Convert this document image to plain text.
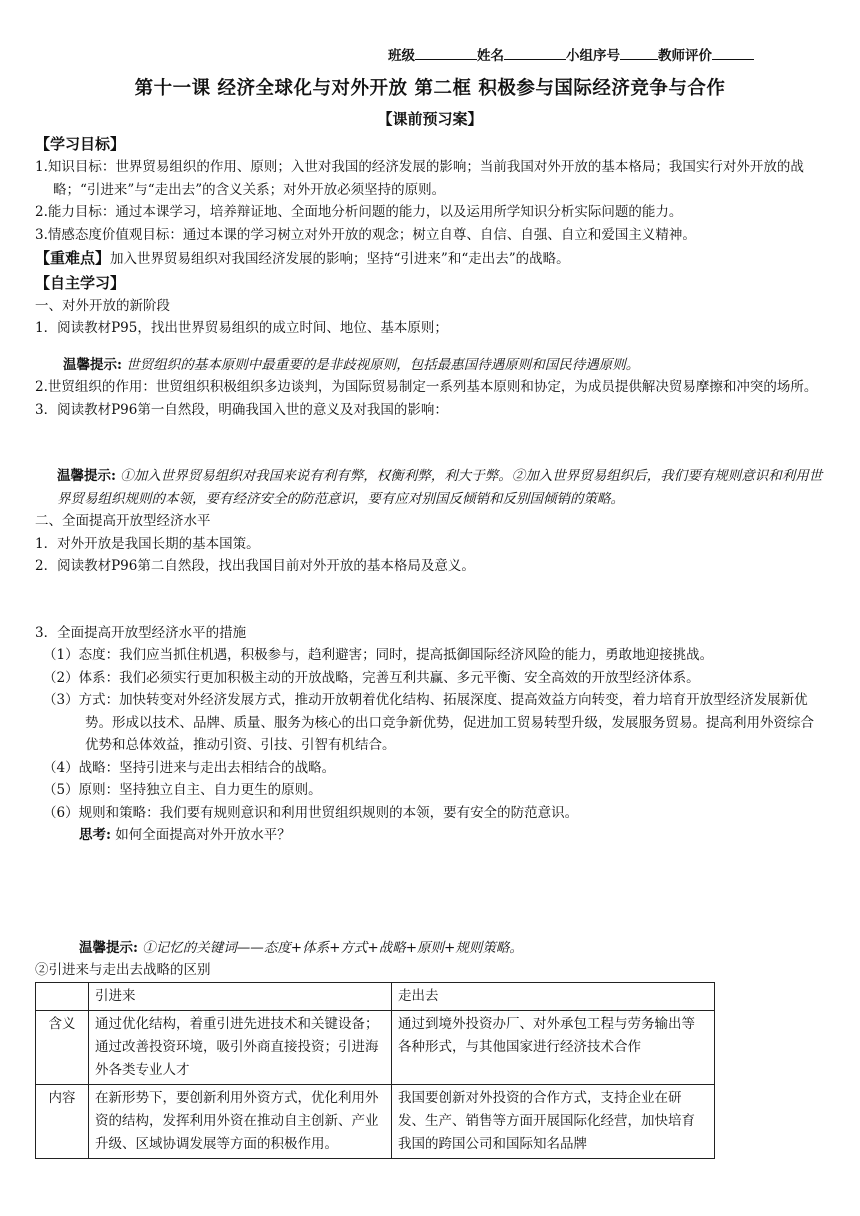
班级	姓名	小组序号	教师评价
第十一课 经济全球化与对外开放 第二框 积极参与国际经济竞争与合作
【课前预习案】
【学习目标】

1.知识目标：世界贸易组织的作用、原则；入世对我国的经济发展的影响；当前我国对外开放的基本格局；我国实行对外开放的战略；“引进来”与“走出去”的含义关系；对外开放必须坚持的原则。

2.能力目标：通过本课学习，培养辩证地、全面地分析问题的能力，以及运用所学知识分析实际问题的能力。

3.情感态度价值观目标：通过本课的学习树立对外开放的观念；树立自尊、自信、自强、自立和爱国主义精神。

【重难点】加入世界贸易组织对我国经济发展的影响；坚持“引进来”和“走出去”的战略。

【自主学习】

一、对外开放的新阶段

1．阅读教材P95，找出世界贸易组织的成立时间、地位、基本原则；

温馨提示: 世贸组织的基本原则中最重要的是非歧视原则，包括最惠国待遇原则和国民待遇原则。

2.世贸组织的作用：世贸组织积极组织多边谈判，为国际贸易制定一系列基本原则和协定，为成员提供解决贸易摩擦和冲突的场所。

3．阅读教材P96第一自然段，明确我国入世的意义及对我国的影响：

温馨提示: ①加入世界贸易组织对我国来说有利有弊，权衡利弊，利大于弊。②加入世界贸易组织后，我们要有规则意识和利用世界贸易组织规则的本领，要有经济安全的防范意识，要有应对别国反倾销和反别国倾销的策略。

二、全面提高开放型经济水平

1．对外开放是我国长期的基本国策。

2．阅读教材P96第二自然段，找出我国目前对外开放的基本格局及意义。

3．全面提高开放型经济水平的措施

（1）态度：我们应当抓住机遇，积极参与，趋利避害；同时，提高抵御国际经济风险的能力，勇敢地迎接挑战。

（2）体系：我们必须实行更加积极主动的开放战略，完善互利共赢、多元平衡、安全高效的开放型经济体系。

（3）方式：加快转变对外经济发展方式，推动开放朝着优化结构、拓展深度、提高效益方向转变，着力培育开放型经济发展新优势。形成以技术、品牌、质量、服务为核心的出口竞争新优势，促进加工贸易转型升级，发展服务贸易。提高利用外资综合优势和总体效益，推动引资、引技、引智有机结合。

（4）战略：坚持引进来与走出去相结合的战略。

（5）原则：坚持独立自主、自力更生的原则。

（6）规则和策略：我们要有规则意识和利用世贸组织规则的本领，要有安全的防范意识。

思考: 如何全面提高对外开放水平？

温馨提示: ①记忆的关键词——态度+体系+方式+战略+原则+规则策略。

②引进来与走出去战略的区别

	引进来	走出去
含义	通过优化结构，着重引进先进技术和关键设备；通过改善投资环境，吸引外商直接投资；引进海外各类专业人才	通过到境外投资办厂、对外承包工程与劳务输出等各种形式，与其他国家进行经济技术合作
内容	在新形势下，要创新利用外资方式，优化利用外资的结构，发挥利用外资在推动自主创新、产业升级、区域协调发展等方面的积极作用。	我国要创新对外投资的合作方式，支持企业在研发、生产、销售等方面开展国际化经营，加快培育我国的跨国公司和国际知名品牌
